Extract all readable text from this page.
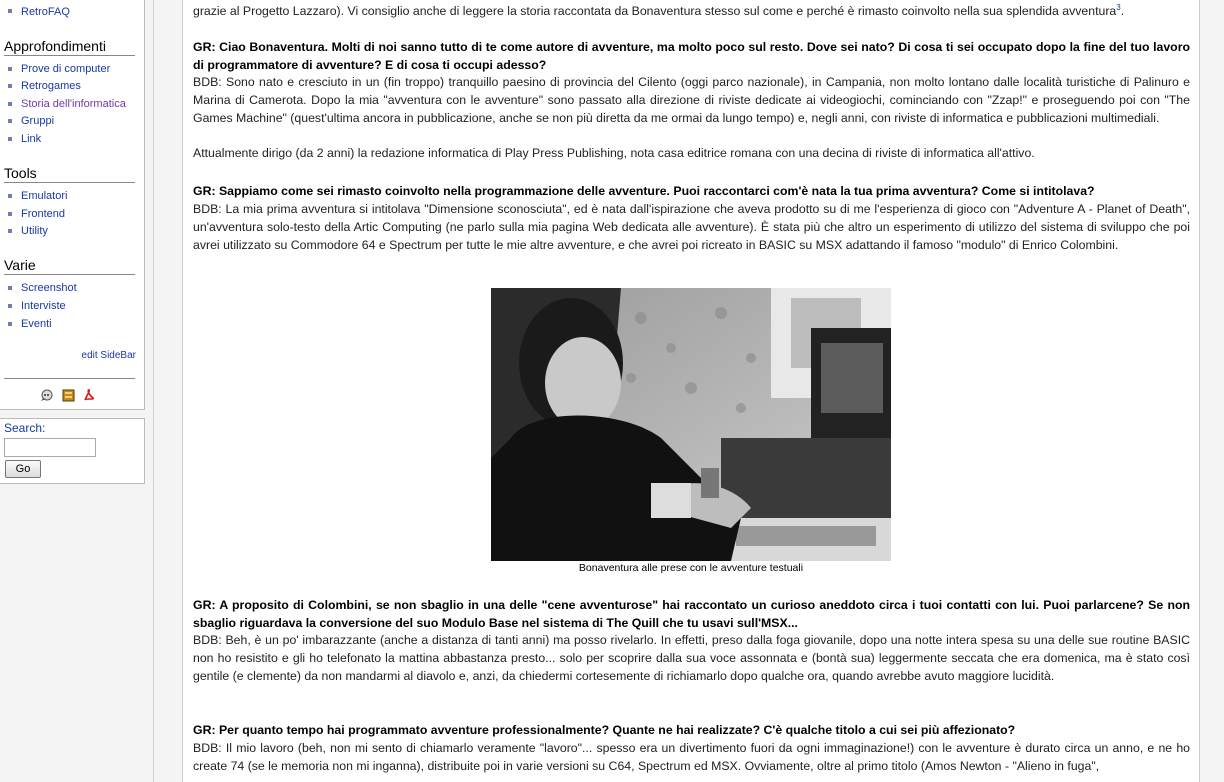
RetroFAQ
Approfondimenti
Prove di computer
Retrogames
Storia dell'informatica
Gruppi
Link
Tools
Emulatori
Frontend
Utility
Varie
Screenshot
Interviste
Eventi
edit SideBar
Search:
Go
grazie al Progetto Lazzaro). Vi consiglio anche di leggere la storia raccontata da Bonaventura stesso sul come e perché è rimasto coinvolto nella sua splendida avventura$^3$.
GR: Ciao Bonaventura. Molti di noi sanno tutto di te come autore di avventure, ma molto poco sul resto. Dove sei nato? Di cosa ti sei occupato dopo la fine del tuo lavoro di programmatore di avventure? E di cosa ti occupi adesso?
BDB: Sono nato e cresciuto in un (fin troppo) tranquillo paesino di provincia del Cilento (oggi parco nazionale), in Campania, non molto lontano dalle località turistiche di Palinuro e Marina di Camerota. Dopo la mia "avventura con le avventure" sono passato alla direzione di riviste dedicate ai videogiochi, cominciando con "Zzap!" e proseguendo poi con "The Games Machine" (quest'ultima ancora in pubblicazione, anche se non più diretta da me ormai da lungo tempo) e, negli anni, con riviste di informatica e pubblicazioni multimediali.
Attualmente dirigo (da 2 anni) la redazione informatica di Play Press Publishing, nota casa editrice romana con una decina di riviste di informatica all'attivo.
GR: Sappiamo come sei rimasto coinvolto nella programmazione delle avventure. Puoi raccontarci com'è nata la tua prima avventura? Come si intitolava?
BDB: La mia prima avventura si intitolava "Dimensione sconosciuta", ed è nata dall'ispirazione che aveva prodotto su di me l'esperienza di gioco con "Adventure A - Planet of Death", un'avventura solo-testo della Artic Computing (ne parlo sulla mia pagina Web dedicata alle avventure). È stata più che altro un esperimento di utilizzo del sistema di sviluppo che poi avrei utilizzato su Commodore 64 e Spectrum per tutte le mie altre avventure, e che avrei poi ricreato in BASIC su MSX adattando il famoso "modulo" di Enrico Colombini.
Bonaventura alle prese con le avventure testuali
GR: A proposito di Colombini, se non sbaglio in una delle "cene avventurose" hai raccontato un curioso aneddoto circa i tuoi contatti con lui. Puoi parlarcene? Se non sbaglio riguardava la conversione del suo Modulo Base nel sistema di The Quill che tu usavi sull'MSX...
BDB: Beh, è un po' imbarazzante (anche a distanza di tanti anni) ma posso rivelarlo. In effetti, preso dalla foga giovanile, dopo una notte intera spesa su una delle sue routine BASIC non ho resistito e gli ho telefonato la mattina abbastanza presto... solo per scoprire dalla sua voce assonnata e (bontà sua) leggermente seccata che era domenica, ma è stato così gentile (e clemente) da non mandarmi al diavolo e, anzi, da chiedermi cortesemente di richiamarlo dopo qualche ora, quando avrebbe avuto maggiore lucidità.
GR: Per quanto tempo hai programmato avventure professionalmente? Quante ne hai realizzate? C'è qualche titolo a cui sei più affezionato?
BDB: Il mio lavoro (beh, non mi sento di chiamarlo veramente "lavoro"... spesso era un divertimento fuori da ogni immaginazione!) con le avventure è durato circa un anno, e ne ho create 74 (se le memoria non mi inganna), distribuite poi in varie versioni su C64, Spectrum ed MSX. Ovviamente, oltre al primo titolo (Amos Newton - "Alieno in fuga",
